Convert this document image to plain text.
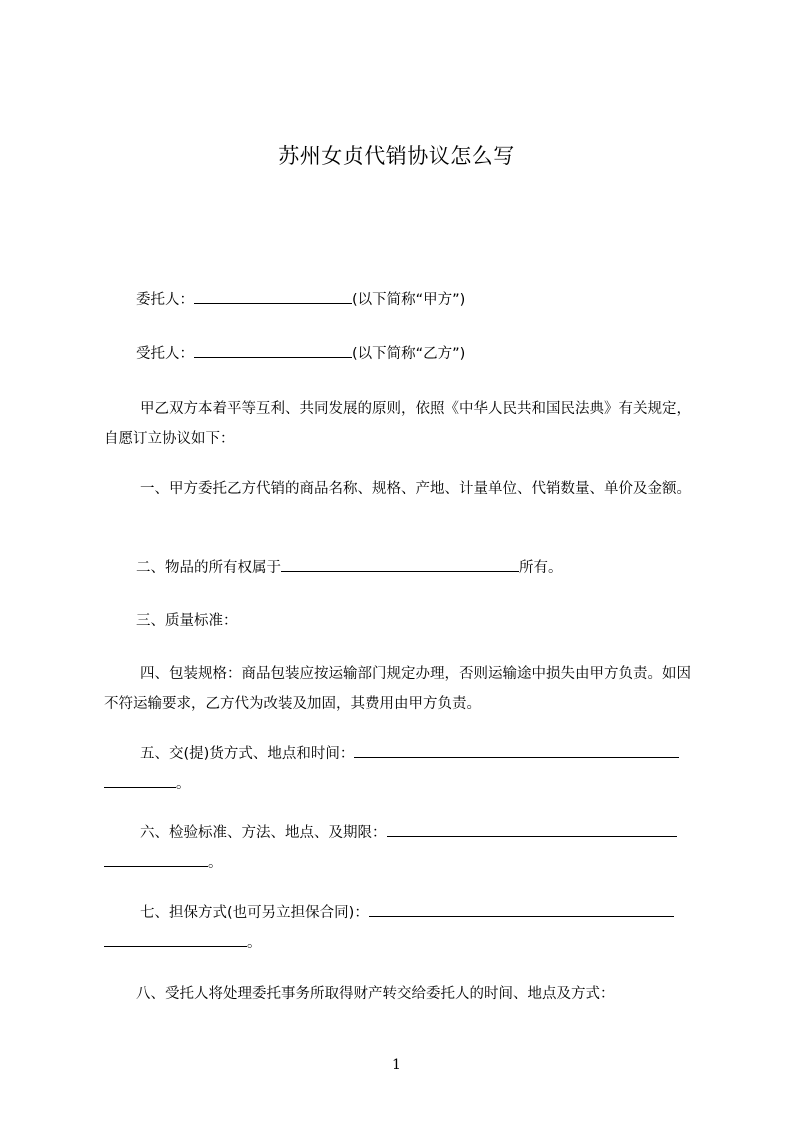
苏州女贞代销协议怎么写

委托人：	(以下简称“甲方”)

受托人：	(以下简称“乙方”)

甲乙双方本着平等互利、共同发展的原则，依照《中华人民共和国民法典》有关规定，自愿订立协议如下：

一、甲方委托乙方代销的商品名称、规格、产地、计量单位、代销数量、单价及金额。

二、物品的所有权属于	所有。

三、质量标准：

四、包装规格：商品包装应按运输部门规定办理，否则运输途中损失由甲方负责。如因不符运输要求，乙方代为改装及加固，其费用由甲方负责。

五、交(提)货方式、地点和时间：
。
六、检验标准、方法、地点、及期限：
。
七、担保方式(也可另立担保合同)：
。

八、受托人将处理委托事务所取得财产转交给委托人的时间、地点及方式：

1
